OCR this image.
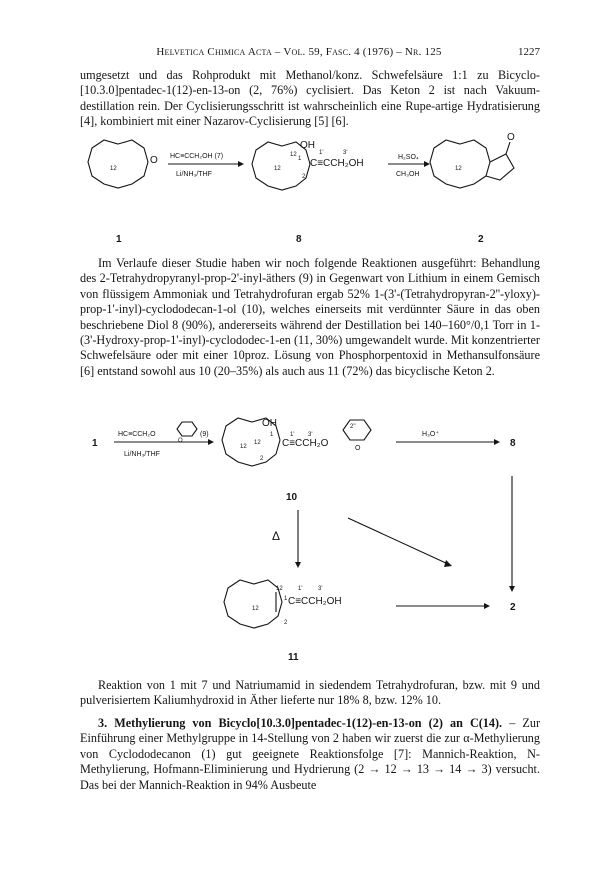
Helvetica Chimica Acta – Vol. 59, Fasc. 4 (1976) – Nr. 125	1227

umgesetzt und das Rohprodukt mit Methanol/konz. Schwefelsäure 1:1 zu Bicyclo-[10.3.0]pentadec-1(12)-en-13-on (2, 76%) cyclisiert. Das Keton 2 ist nach Vakuum-destillation rein. Der Cyclisierungsschritt ist wahrscheinlich eine Rupe-artige Hydratisierung [4], kombiniert mit einer Nazarov-Cyclisierung [5] [6].

O
12
HC≡CCH₂OH (7)
Li/NH₃/THF
12
OH
1
1'	3'
C≡CCH₂OH
2
12
H₂SO₄
CH₃OH
O
12
1	8	2

Im Verlaufe dieser Studie haben wir noch folgende Reaktionen ausgeführt: Behandlung des 2-Tetrahydropyranyl-prop-2'-inyl-äthers (9) in Gegenwart von Lithium in einem Gemisch von flüssigem Ammoniak und Tetrahydrofuran ergab 52% 1-(3'-(Tetrahydropyran-2''-yloxy)-prop-1'-inyl)-cyclododecan-1-ol (10), welches einerseits mit verdünnter Säure in das oben beschriebene Diol 8 (90%), andererseits während der Destillation bei 140–160°/0,1 Torr in 1-(3'-Hydroxy-prop-1'-inyl)-cyclododec-1-en (11, 30%) umgewandelt wurde. Mit konzentrierter Schwefelsäure oder mit einer 10proz. Lösung von Phosphorpentoxid in Methansulfonsäure [6] entstand sowohl aus 10 (20–35%) als auch aus 11 (72%) das bicyclische Keton 2.

1
HC≡CCH₂O
O
(9)
Li/NH₃/THF
OH
1	1' 3'
C≡CCH₂O
2''
O
2
12
12
H₃O⁺
8
10
Δ
12
1
1'	3'
C≡CCH₂OH
2
12	2
11

Reaktion von 1 mit 7 und Natriumamid in siedendem Tetrahydrofuran, bzw. mit 9 und pulverisiertem Kaliumhydroxid in Äther lieferte nur 18% 8, bzw. 12% 10.

3. Methylierung von Bicyclo[10.3.0]pentadec-1(12)-en-13-on (2) an C(14). – Zur Einführung einer Methylgruppe in 14-Stellung von 2 haben wir zuerst die zur α-Methylierung von Cyclododecanon (1) gut geeignete Reaktionsfolge [7]: Mannich-Reaktion, N-Methylierung, Hofmann-Eliminierung und Hydrierung (2 → 12 → 13 → 14 → 3) versucht. Das bei der Mannich-Reaktion in 94% Ausbeute
